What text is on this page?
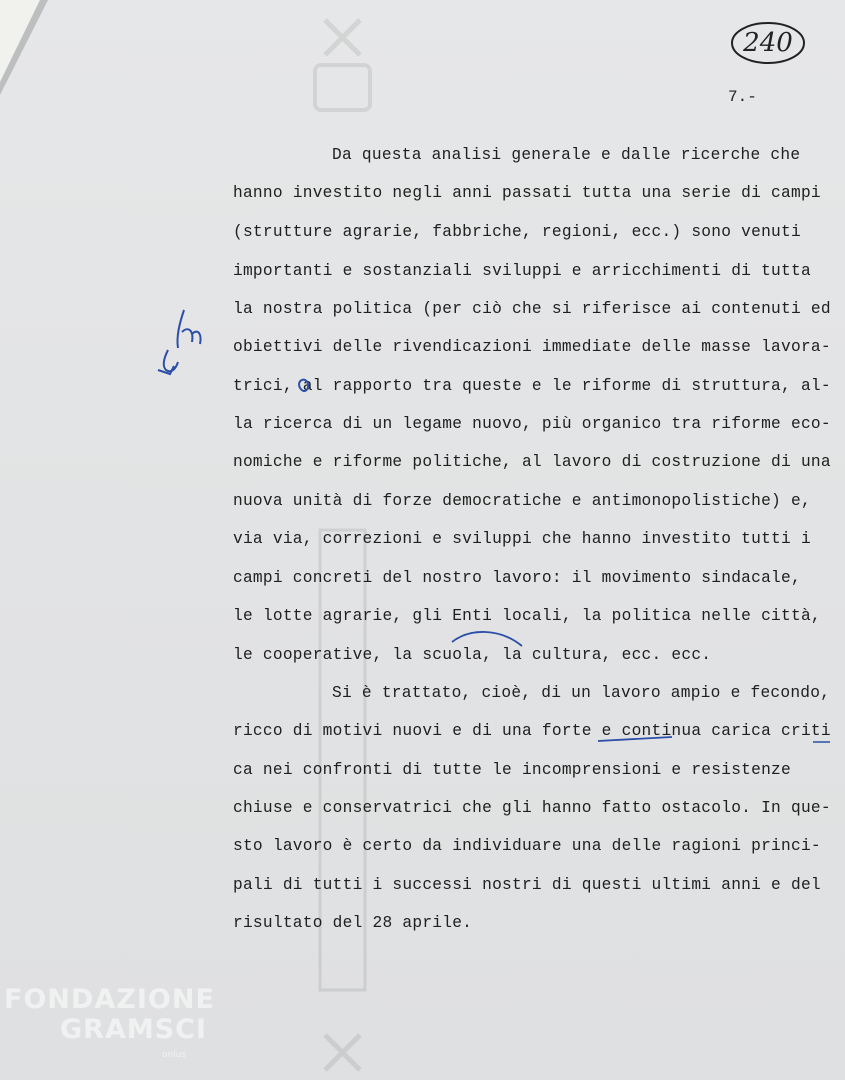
240
7.-
Da questa analisi generale e dalle ricerche che
hanno investito negli anni passati tutta una serie di campi
(strutture agrarie, fabbriche, regioni, ecc.) sono venuti
importanti e sostanziali sviluppi e arricchimenti di tutta
la nostra politica (per ciò che si riferisce ai contenuti ed
obiettivi delle rivendicazioni immediate delle masse lavora-
trici, al rapporto tra queste e le riforme di struttura, al-
la ricerca di un legame nuovo, più organico tra riforme eco-
nomiche e riforme politiche, al lavoro di costruzione di una
nuova unità di forze democratiche e antimonopolistiche) e,
via via, correzioni e sviluppi che hanno investito tutti i
campi concreti del nostro lavoro: il movimento sindacale,
le lotte agrarie, gli Enti locali, la politica nelle città,
le cooperative, la scuola, la cultura, ecc. ecc.
Si è trattato, cioè, di un lavoro ampio e fecondo,
ricco di motivi nuovi e di una forte e continua carica criti
ca nei confronti di tutte le incomprensioni e resistenze
chiuse e conservatrici che gli hanno fatto ostacolo. In que-
sto lavoro è certo da individuare una delle ragioni princi-
pali di tutti i successi nostri di questi ultimi anni e del
risultato del 28 aprile.
FONDAZIONE
GRAMSCI
onlus
